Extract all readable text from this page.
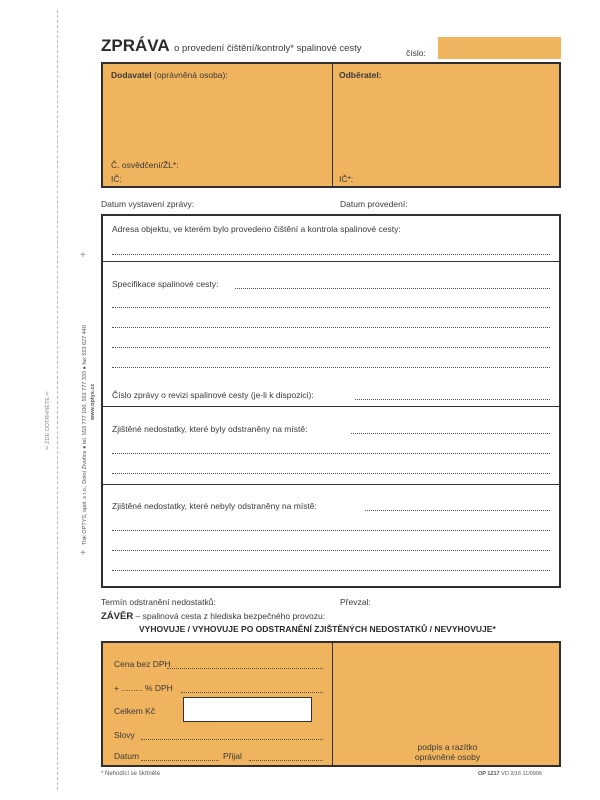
✂ ZDE ODTRHNĚTE ✂
Tisk OPTYS, spol. s r.o., Dolní Životice ● tel. 553 777 100, 553 777 333 ● fax 553 627 440
www.optys.cz
+
+
ZPRÁVA o provedení čištění/kontroly* spalinové cesty	číslo:
Dodavatel (oprávněná osoba):	Odběratel:
Č. osvědčení/ŽL*:
IČ:	IČ*:
Datum vystavení zprávy:	Datum provedení:
Adresa objektu, ve kterém bylo provedeno čištění a kontrola spalinové cesty:
Specifikace spalinové cesty:
Číslo zprávy o revizi spalinové cesty (je-li k dispozici):
Zjištěné nedostatky, které byly odstraněny na místě:
Zjištěné nedostatky, které nebyly odstraněny na místě:
Termín odstranění nedostatků:	Převzal:
ZÁVĚR – spalinová cesta z hlediska bezpečného provozu:
VYHOVUJE / VYHOVUJE PO ODSTRANĚNÍ ZJIŠTĚNÝCH NEDOSTATKŮ / NEVYHOVUJE*
Cena bez DPH
+ ......... % DPH
Celkem Kč
Slovy
Datum	Přijal
podpis a razítko
oprávněné osoby
* Nehodící se škrtněte	OP 1217 VD 2/16 11/0906
